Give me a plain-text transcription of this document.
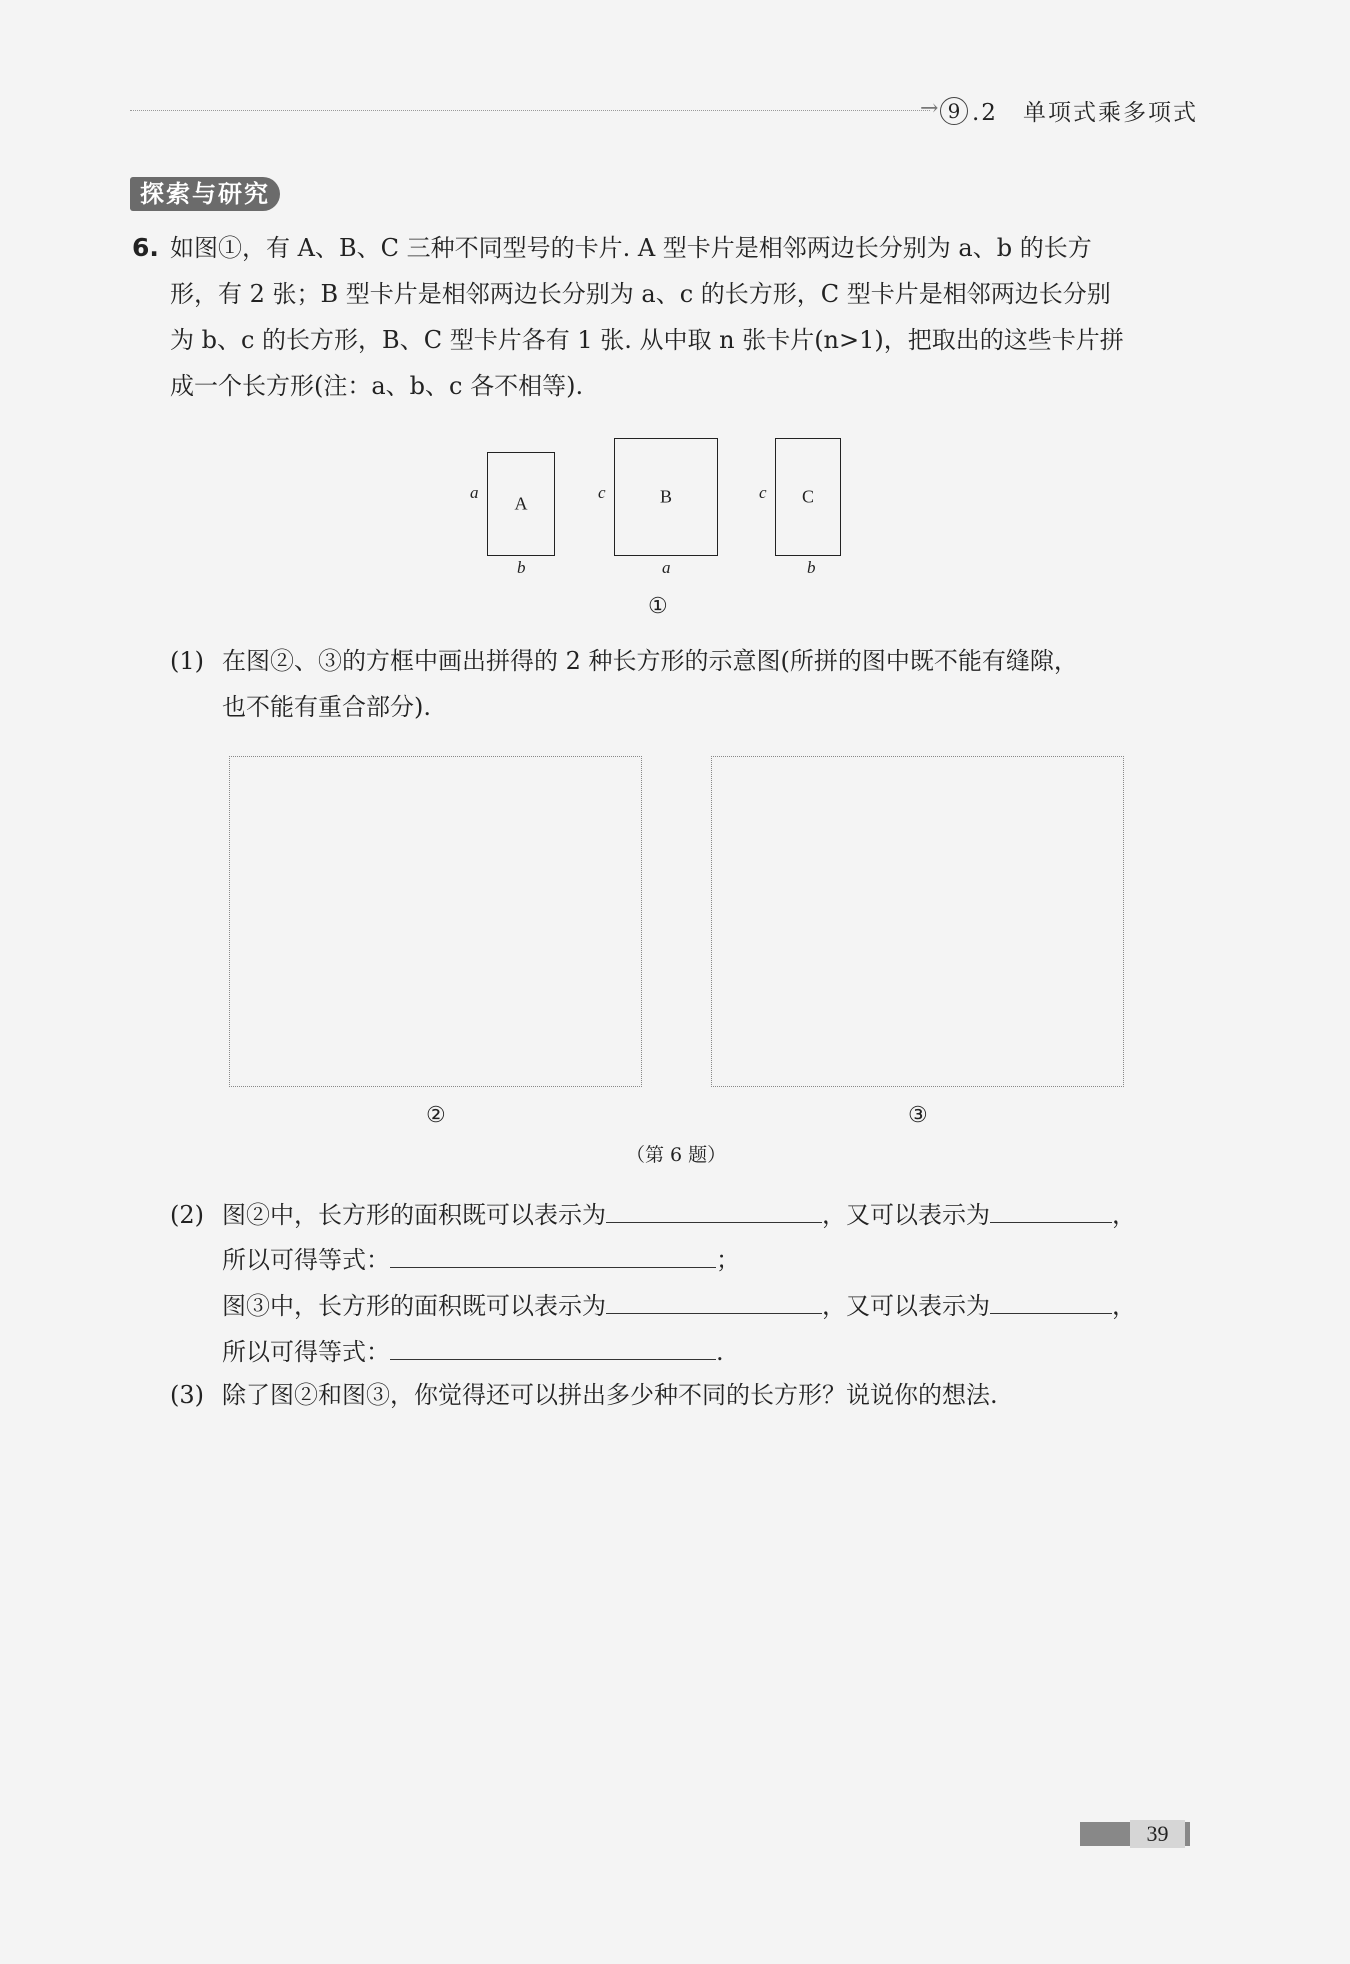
→ 9 .2　单项式乘多项式
探索与研究
6. 如图①，有 A、B、C 三种不同型号的卡片. A 型卡片是相邻两边长分别为 a、b 的长方
形，有 2 张；B 型卡片是相邻两边长分别为 a、c 的长方形，C 型卡片是相邻两边长分别
为 b、c 的长方形，B、C 型卡片各有 1 张. 从中取 n 张卡片(n>1)，把取出的这些卡片拼
成一个长方形(注：a、b、c 各不相等).
a
A
b
c	B
a
c C
b
①
(1) 在图②、③的方框中画出拼得的 2 种长方形的示意图(所拼的图中既不能有缝隙，
也不能有重合部分).
②	③
（第 6 题）
(2) 图②中，长方形的面积既可以表示为	，又可以表示为	，
所以可得等式：	；
图③中，长方形的面积既可以表示为	，又可以表示为	，
所以可得等式：	.
(3) 除了图②和图③，你觉得还可以拼出多少种不同的长方形？说说你的想法.
39
